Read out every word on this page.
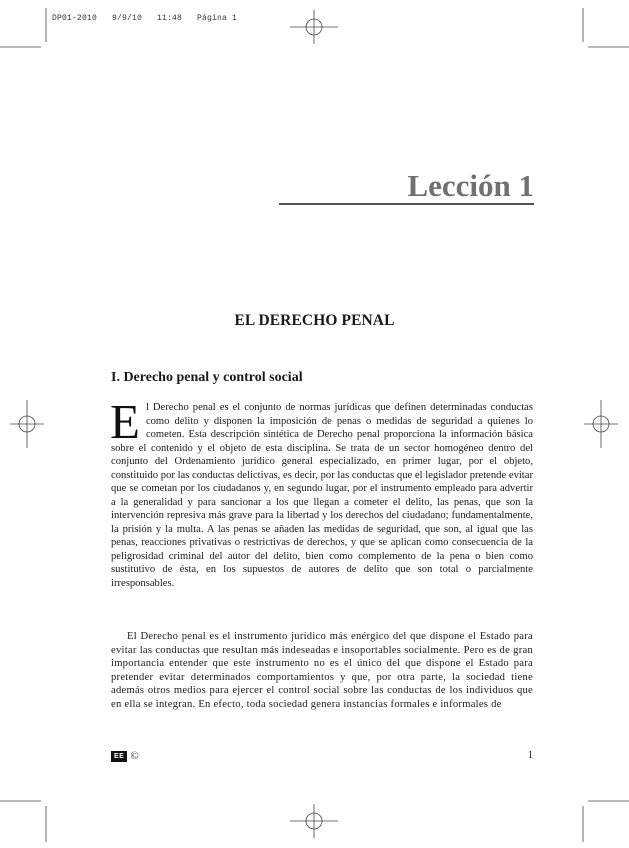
DP01-2010   9/9/10   11:48   Página 1
Lección 1
EL DERECHO PENAL
I. Derecho penal y control social
El Derecho penal es el conjunto de normas jurídicas que definen determinadas conductas como delito y disponen la imposición de penas o medidas de seguridad a quienes lo cometen. Esta descripción sintética de Derecho penal proporciona la información básica sobre el contenido y el objeto de esta disciplina. Se trata de un sector homogéneo dentro del conjunto del Ordenamiento jurídico general especializado, en primer lugar, por el objeto, constituido por las conductas delictivas, es decir, por las conductas que el legislador pretende evitar que se cometan por los ciudadanos y, en segundo lugar, por el instrumento empleado para advertir a la generalidad y para sancionar a los que llegan a cometer el delito, las penas, que son la intervención represiva más grave para la libertad y los derechos del ciudadano; fundamentalmente, la prisión y la multa. A las penas se añaden las medidas de seguridad, que son, al igual que las penas, reacciones privativas o restrictivas de derechos, y que se aplican como consecuencia de la peligrosidad criminal del autor del delito, bien como complemento de la pena o bien como sustitutivo de ésta, en los supuestos de autores de delito que son total o parcialmente irresponsables.
El Derecho penal es el instrumento jurídico más enérgico del que dispone el Estado para evitar las conductas que resultan más indeseadas e insoportables socialmente. Pero es de gran importancia entender que este instrumento no es el único del que dispone el Estado para pretender evitar determinados comportamientos y que, por otra parte, la sociedad tiene además otros medios para ejercer el control social sobre las conductas de los individuos que en ella se integran. En efecto, toda sociedad genera instancias formales e informales de
EE ©	1
